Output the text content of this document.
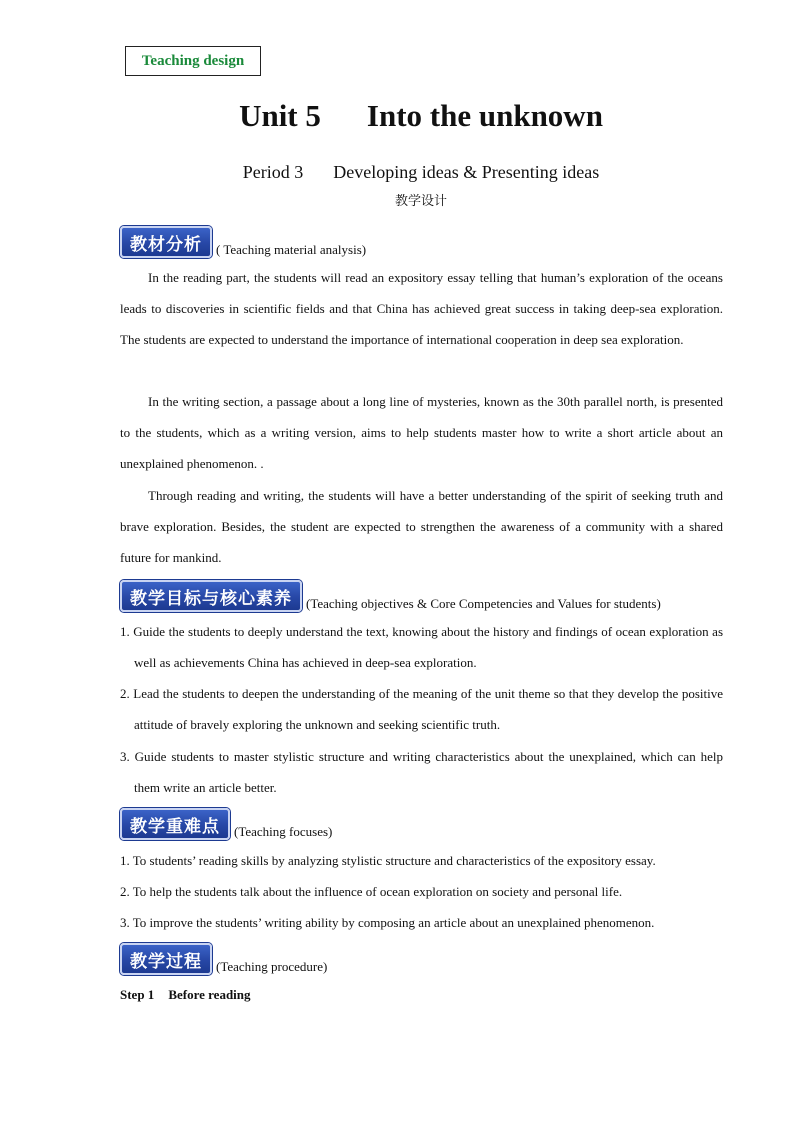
Teaching design
Unit 5 Into the unknown
Period 3 Developing ideas & Presenting ideas
教学设计
教材分析	( Teaching material analysis)
In the reading part, the students will read an expository essay telling that human’s exploration of the oceans leads to discoveries in scientific fields and that China has achieved great success in taking deep-sea exploration. The students are expected to understand the importance of international cooperation in deep sea exploration.
In the writing section, a passage about a long line of mysteries, known as the 30th parallel north, is presented to the students, which as a writing version, aims to help students master how to write a short article about an unexplained phenomenon. .
Through reading and writing, the students will have a better understanding of the spirit of seeking truth and brave exploration. Besides, the student are expected to strengthen the awareness of a community with a shared future for mankind.
教学目标与核心素养	(Teaching objectives & Core Competencies and Values for students)
1. Guide the students to deeply understand the text, knowing about the history and findings of ocean exploration as well as achievements China has achieved in deep-sea exploration.
2. Lead the students to deepen the understanding of the meaning of the unit theme so that they develop the positive attitude of bravely exploring the unknown and seeking scientific truth.
3. Guide students to master stylistic structure and writing characteristics about the unexplained, which can help them write an article better.
教学重难点	(Teaching focuses)
1. To students’ reading skills by analyzing stylistic structure and characteristics of the expository essay.
2. To help the students talk about the influence of ocean exploration on society and personal life.
3. To improve the students’ writing ability by composing an article about an unexplained phenomenon.
教学过程	(Teaching procedure)
Step 1 Before reading
